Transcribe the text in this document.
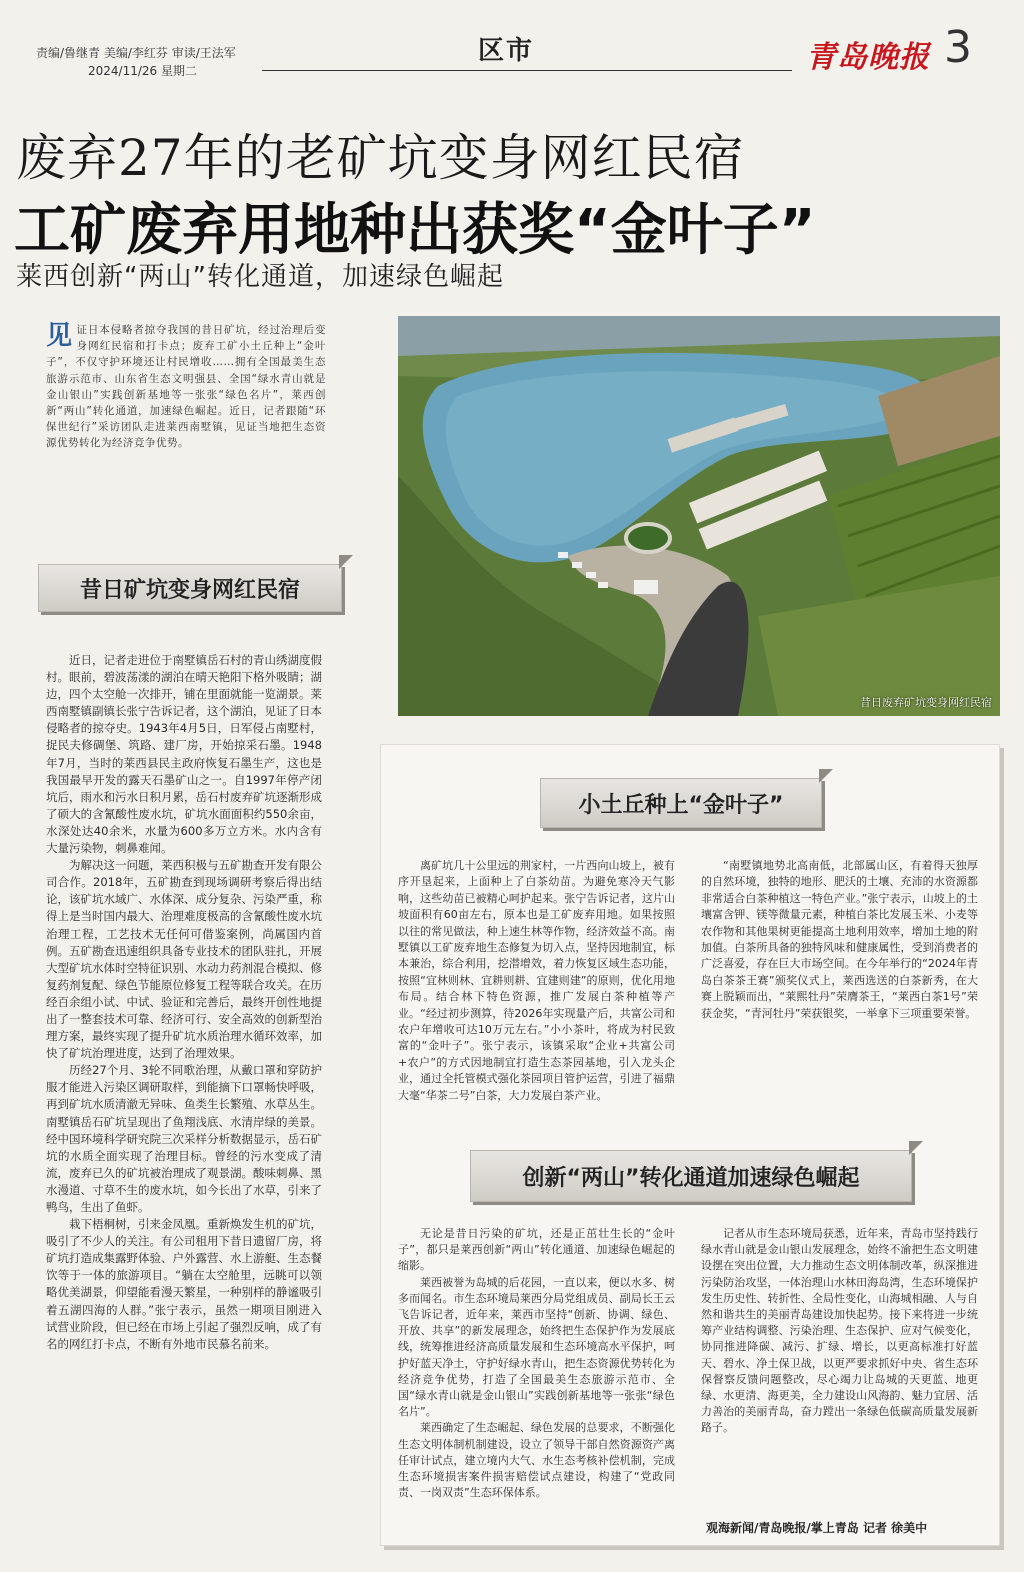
责编/鲁继青 美编/李红芬 审读/王法军
2024/11/26 星期二
区市	青岛晚报 3
废弃27年的老矿坑变身网红民宿
工矿废弃用地种出获奖“金叶子”
莱西创新“两山”转化通道，加速绿色崛起
见 证日本侵略者掠夺我国的昔日矿坑，经过治理后变身网红民宿和打卡点；废弃工矿小土丘种上“金叶子”，不仅守护环境还让村民增收……拥有全国最美生态旅游示范市、山东省生态文明强县、全国“绿水青山就是金山银山”实践创新基地等一张张“绿色名片”，莱西创新“两山”转化通道，加速绿色崛起。近日，记者跟随“环保世纪行”采访团队走进莱西南墅镇，见证当地把生态资源优势转化为经济竞争优势。
昔日废弃矿坑变身网红民宿
昔日矿坑变身网红民宿

近日，记者走进位于南墅镇岳石村的青山绣湖度假村。眼前，碧波荡漾的湖泊在晴天艳阳下格外吸睛；湖边，四个太空舱一次排开，铺在里面就能一览湖景。莱西南墅镇副镇长张宁告诉记者，这个湖泊，见证了日本侵略者的掠夺史。1943年4月5日，日军侵占南墅村，捉民夫修碉堡、筑路、建厂房，开始掠采石墨。1948年7月，当时的莱西县民主政府恢复石墨生产，这也是我国最早开发的露天石墨矿山之一。自1997年停产闭坑后，雨水和污水日积月累，岳石村废弃矿坑逐渐形成了硕大的含氰酸性废水坑，矿坑水面面积约550余亩，水深处达40余米，水量为600多万立方米。水内含有大量污染物，刺鼻难闻。

为解决这一问题，莱西积极与五矿勘查开发有限公司合作。2018年，五矿勘查到现场调研考察后得出结论，该矿坑水域广、水体深、成分复杂、污染严重，称得上是当时国内最大、治理难度极高的含氰酸性废水坑治理工程，工艺技术无任何可借鉴案例，尚属国内首例。五矿勘查迅速组织具备专业技术的团队驻扎，开展大型矿坑水体时空特征识别、水动力药剂混合模拟、修复药剂复配、绿色节能原位修复工程等联合攻关。在历经百余组小试、中试、验证和完善后，最终开创性地提出了一整套技术可靠、经济可行、安全高效的创新型治理方案，最终实现了提升矿坑水质治理水循环效率，加快了矿坑治理进度，达到了治理效果。

历经27个月、3轮不同歌治理，从戴口罩和穿防护服才能进入污染区调研取样，到能摘下口罩畅快呼吸，再到矿坑水质清澈无异味、鱼类生长繁殖、水草丛生。南墅镇岳石矿坑呈现出了鱼翔浅底、水清岸绿的美景。经中国环境科学研究院三次采样分析数据显示，岳石矿坑的水质全面实现了治理目标。曾经的污水变成了清流，废弃已久的矿坑被治理成了观景湖。酸味刺鼻、黑水漫道、寸草不生的废水坑，如今长出了水草，引来了鸭鸟，生出了鱼虾。

栽下梧桐树，引来金凤凰。重新焕发生机的矿坑，吸引了不少人的关注。有公司租用下昔日遗留厂房，将矿坑打造成集露野体验、户外露营、水上游艇、生态餐饮等于一体的旅游项目。“躺在太空舱里，远眺可以领略优美湖景，仰望能看漫天繁星，一种别样的静谧吸引着五湖四海的人群。”张宁表示，虽然一期项目刚进入试营业阶段，但已经在市场上引起了强烈反响，成了有名的网红打卡点，不断有外地市民慕名前来。

小土丘种上“金叶子”

离矿坑几十公里远的荆家村，一片西向山坡上，被有序开垦起来，上面种上了白茶幼苗。为避免寒冷天气影响，这些幼苗已被精心呵护起来。张宁告诉记者，这片山坡面积有60亩左右，原本也是工矿废弃用地。如果按照以往的常见做法，种上速生林等作物，经济效益不高。南墅镇以工矿废弃地生态修复为切入点，坚持因地制宜，标本兼治，综合利用，挖潜增效，着力恢复区域生态功能，按照“宜林则林、宜耕则耕、宜建则建”的原则，优化用地布局。结合林下特色资源，推广发展白茶种植等产业。“经过初步测算，待2026年实现量产后，共富公司和农户年增收可达10万元左右。”小小茶叶，将成为村民致富的“金叶子”。张宁表示，该镇采取“企业+共富公司+农户”的方式因地制宜打造生态茶园基地，引入龙头企业，通过全托管模式强化茶园项目管护运营，引进了福鼎大毫“华茶二号”白茶，大力发展白茶产业。

“南墅镇地势北高南低，北部属山区，有着得天独厚的自然环境，独特的地形、肥沃的土壤、充沛的水资源都非常适合白茶种植这一特色产业。”张宁表示，山坡上的土壤富含钾、镁等微量元素，种植白茶比发展玉米、小麦等农作物和其他果树更能提高土地利用效率，增加土地的附加值。白茶所具备的独特风味和健康属性，受到消费者的广泛喜爱，存在巨大市场空间。在今年举行的“2024年青岛白茶茶王赛”颁奖仪式上，莱西选送的白茶新秀，在大赛上脱颖而出，“莱熙牡丹”荣膺茶王，“莱西白茶1号”荣获金奖，“青河牡丹”荣获银奖，一举拿下三项重要荣誉。

创新“两山”转化通道加速绿色崛起

无论是昔日污染的矿坑，还是正茁壮生长的“金叶子”，都只是莱西创新“两山”转化通道、加速绿色崛起的缩影。

莱西被誉为岛城的后花园，一直以来，便以水多、树多而闻名。市生态环境局莱西分局党组成员、副局长王云飞告诉记者，近年来，莱西市坚持“创新、协调、绿色、开放、共享”的新发展理念，始终把生态保护作为发展底线，统筹推进经济高质量发展和生态环境高水平保护，呵护好蓝天净土，守护好绿水青山，把生态资源优势转化为经济竞争优势，打造了全国最美生态旅游示范市、全国“绿水青山就是金山银山”实践创新基地等一张张“绿色名片”。

莱西确定了生态崛起、绿色发展的总要求，不断强化生态文明体制机制建设，设立了领导干部自然资源资产离任审计试点，建立境内大气、水生态考核补偿机制，完成生态环境损害案件损害赔偿试点建设，构建了“党政同责、一岗双责”生态环保体系。

记者从市生态环境局获悉，近年来，青岛市坚持践行绿水青山就是金山银山发展理念，始终不渝把生态文明建设摆在突出位置，大力推动生态文明体制改革，纵深推进污染防治攻坚，一体治理山水林田海岛湾，生态环境保护发生历史性、转折性、全局性变化，山海城相融、人与自然和谐共生的美丽青岛建设加快起势。接下来将进一步统筹产业结构调整、污染治理、生态保护、应对气候变化，协同推进降碳、减污、扩绿、增长，以更高标准打好蓝天、碧水、净土保卫战，以更严要求抓好中央、省生态环保督察反馈问题整改，尽心竭力让岛城的天更蓝、地更绿、水更清、海更美，全力建设山风海韵、魅力宜居、活力善治的美丽青岛，奋力蹚出一条绿色低碳高质量发展新路子。

观海新闻/青岛晚报/掌上青岛 记者 徐美中
